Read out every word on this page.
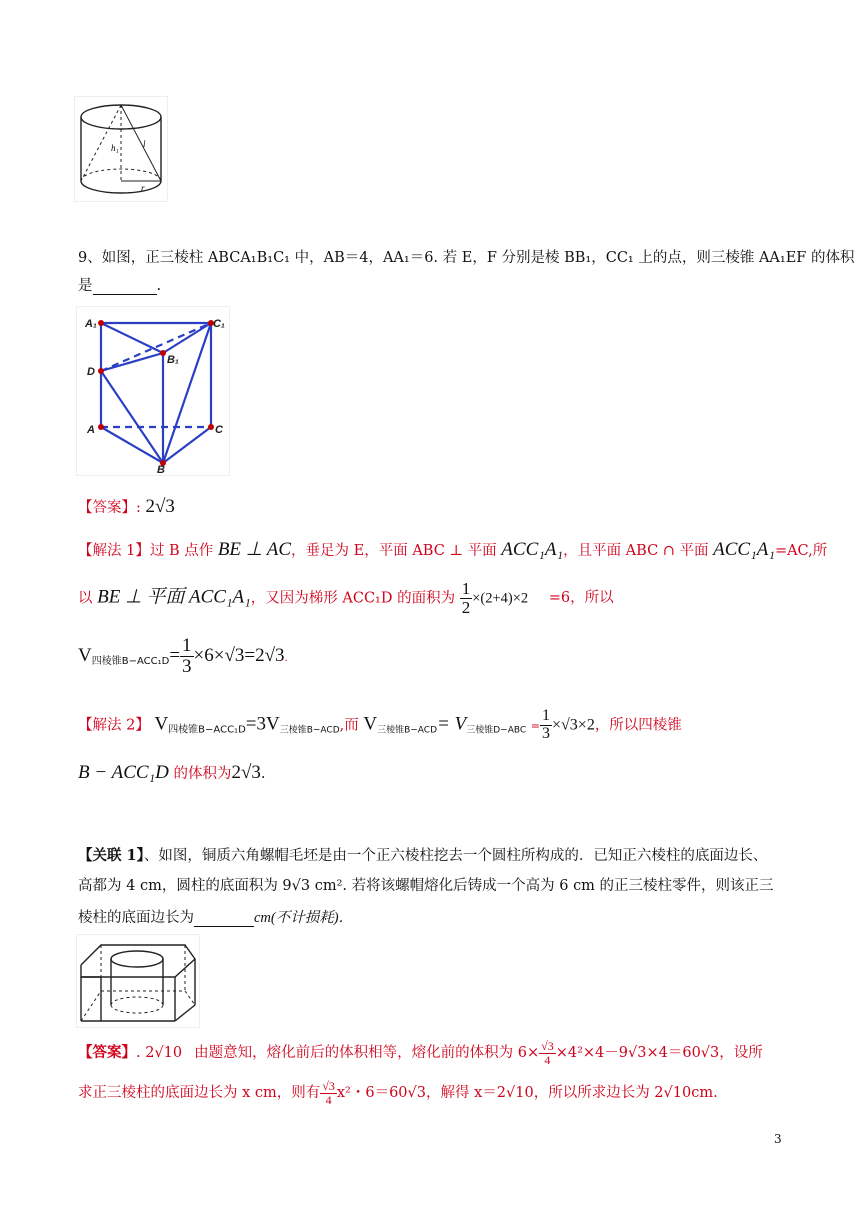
h₁	l
r
9、如图，正三棱柱 ABCA₁B₁C₁ 中，AB＝4，AA₁＝6. 若 E，F 分别是棱 BB₁，CC₁ 上的点，则三棱锥 AA₁EF 的体积
是	.
A₁	C₁
B₁
D
A	C
B
【答案】: 2√3
【解法 1】过 B 点作 BE ⊥ AC，垂足为 E，平面 ABC ⊥ 平面 ACC₁A₁，且平面 ABC ∩ 平面 ACC₁A₁=AC,所
以 BE ⊥ 平面 ACC₁A₁，又因为梯形 ACC₁D 的面积为 $\frac{1}{2} \times(2+4)\times 2 =6$，所以
$V_{四棱锥B-ACC_1D}= \frac{1}{3} \times 6\times√3=2√3$.
【解法 2】 $V_{四棱锥B-ACC_1D}=3V_{三棱锥B-ACD}$,而 $V_{三棱锥B-ACD}= V_{三棱锥D-ABC} = \frac{1}{3} \times√3\times 2$，所以四棱锥
B − ACC₁D 的体积为2√3.
【关联 1】、如图，铜质六角螺帽毛坯是由一个正六棱柱挖去一个圆柱所构成的．已知正六棱柱的底面边长、
高都为 4 cm，圆柱的底面积为 9√3 cm². 若将该螺帽熔化后铸成一个高为 6 cm 的正三棱柱零件，则该正三
棱柱的底面边长为	cm(不计损耗)．
【答案】. 2√10 由题意知，熔化前后的体积相等，熔化前的体积为 $6\times \frac{√3}{4} \times 4^2\times 4-9√3\times 4=60√3$，设所
求正三棱柱的底面边长为 x cm，则有 $\frac{√3}{4} x^2$・6＝60√3，解得 x＝2√10，所以所求边长为 2√10cm.
3
